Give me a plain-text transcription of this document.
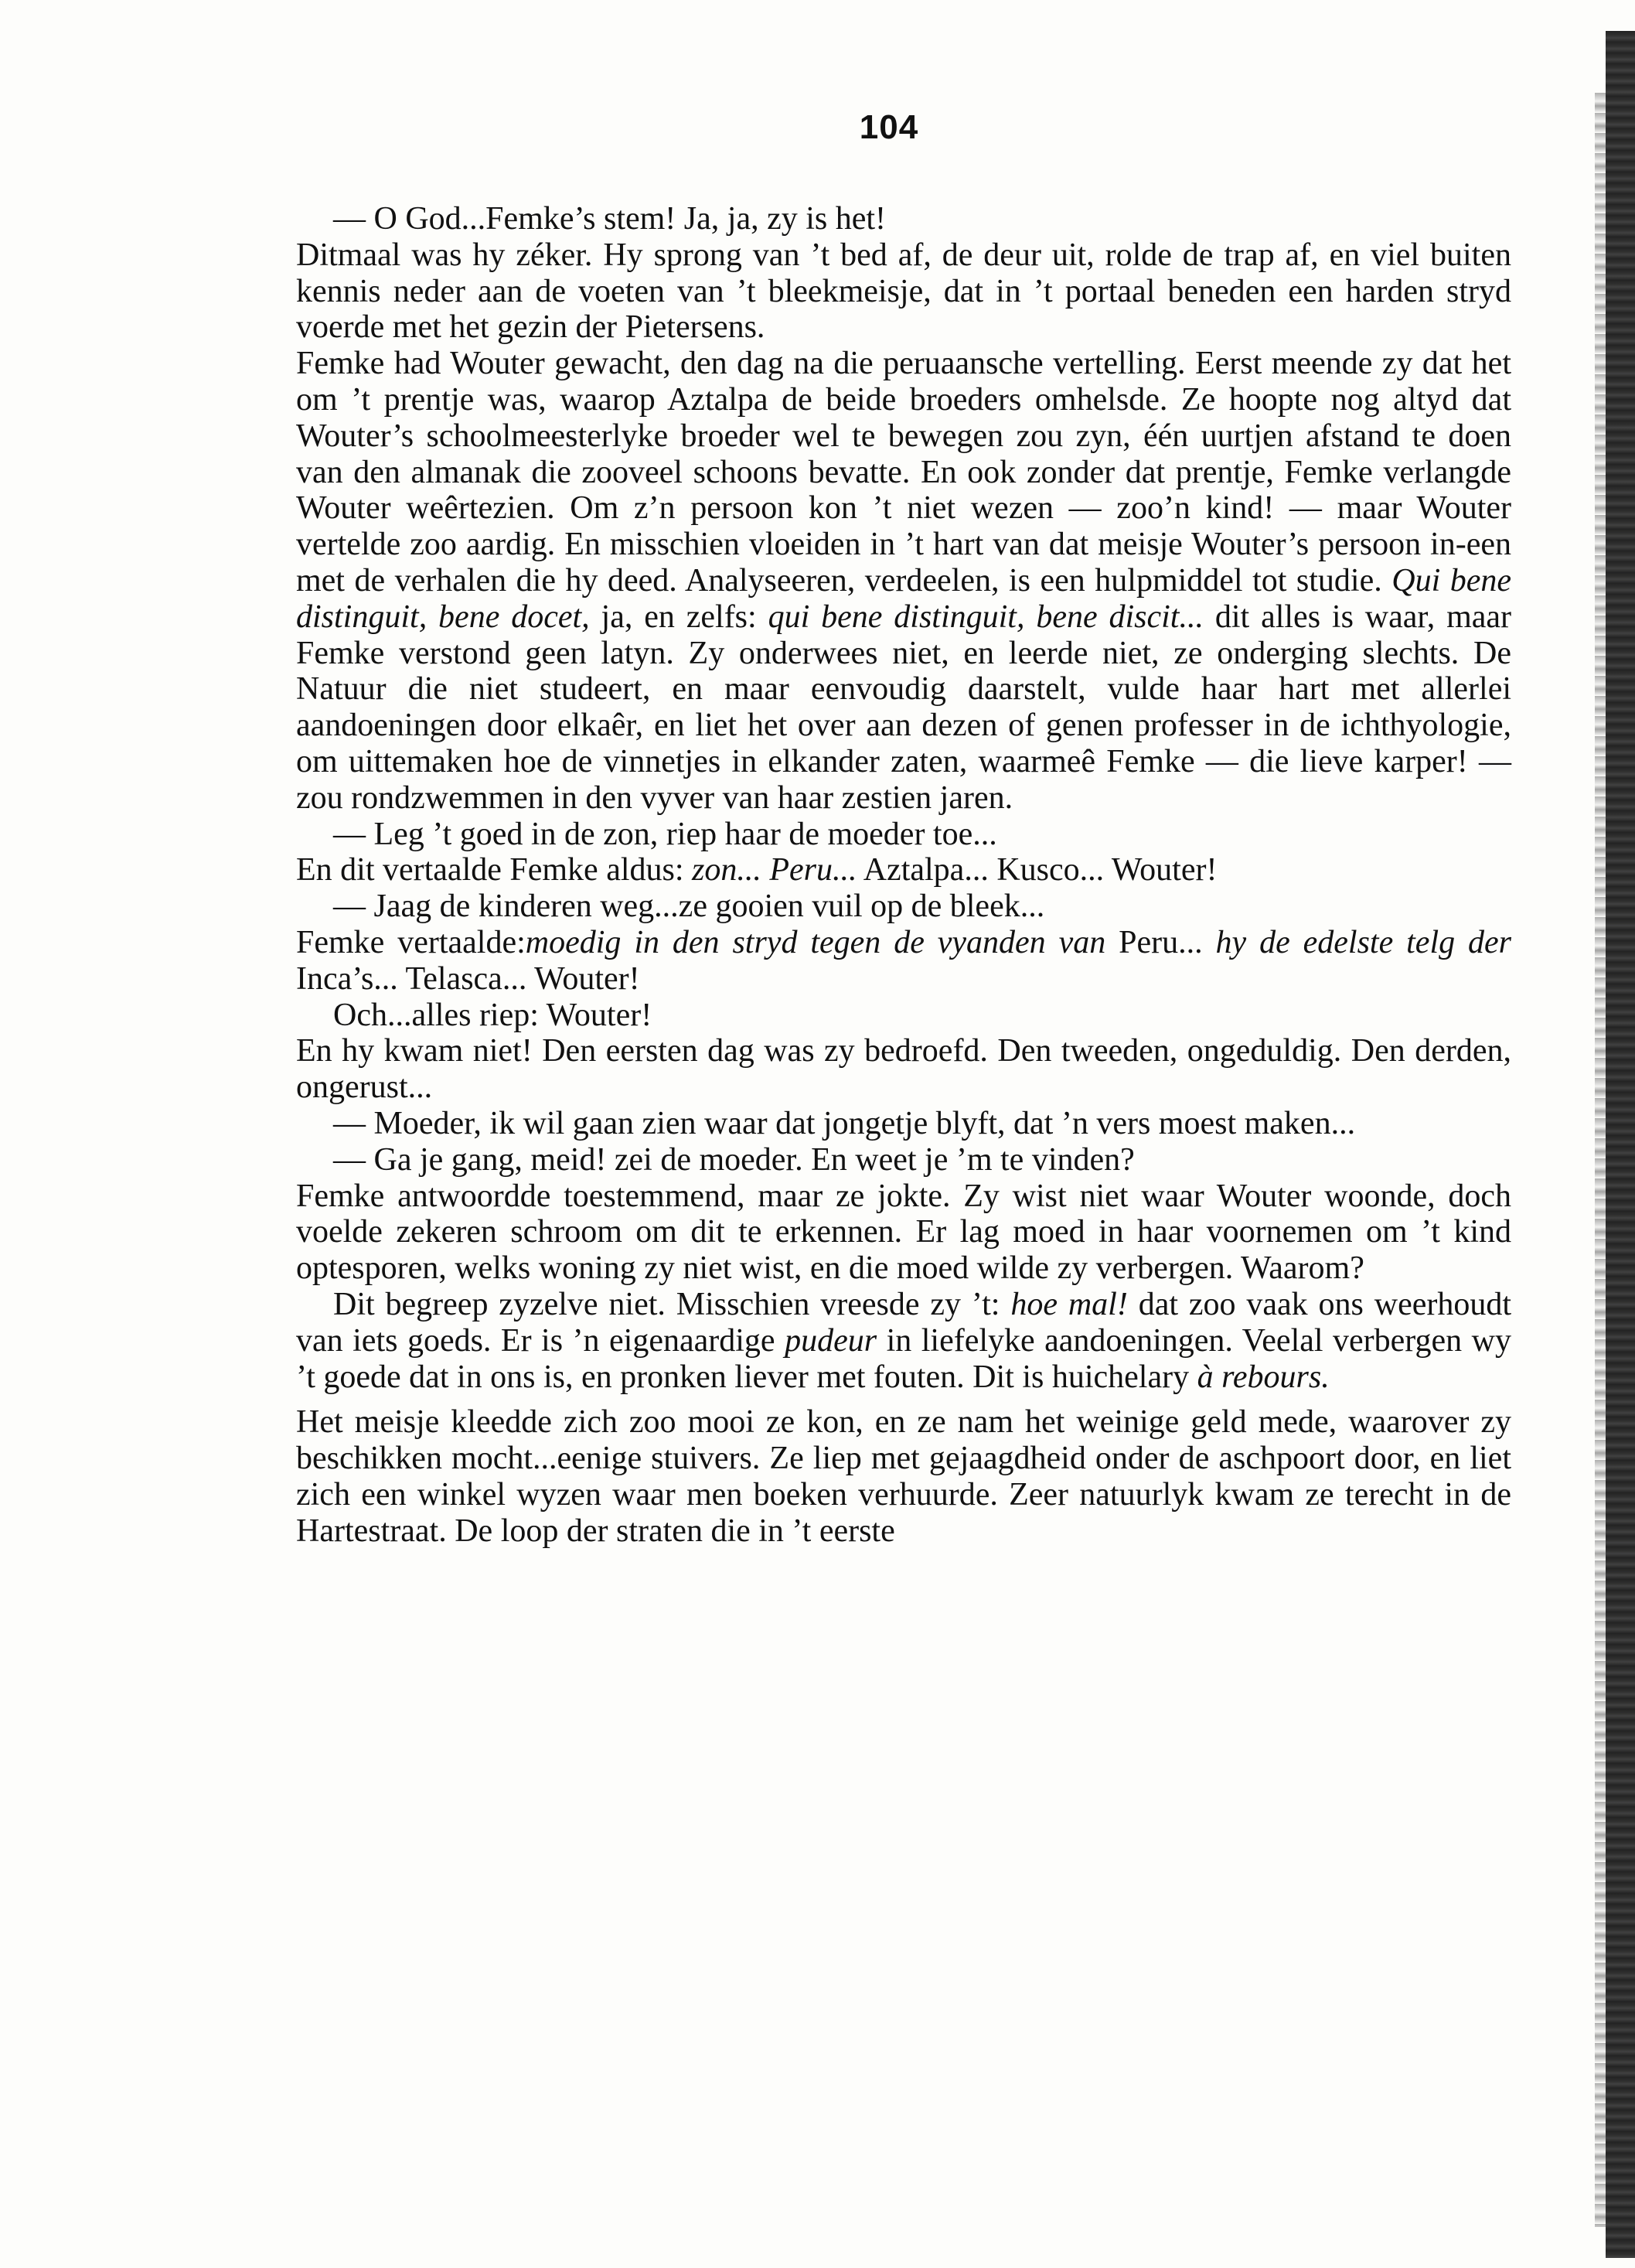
104

— O God...Femke’s stem! Ja, ja, zy is het!

Ditmaal was hy zéker. Hy sprong van ’t bed af, de deur uit, rolde de trap af, en viel buiten kennis neder aan de voeten van ’t bleekmeisje, dat in ’t portaal beneden een harden stryd voerde met het gezin der Pietersens.

Femke had Wouter gewacht, den dag na die peruaansche vertelling. Eerst meende zy dat het om ’t prentje was, waarop Aztalpa de beide broeders omhelsde. Ze hoopte nog altyd dat Wouter’s schoolmeesterlyke broeder wel te bewegen zou zyn, één uurtjen afstand te doen van den almanak die zooveel schoons bevatte. En ook zonder dat prentje, Femke verlangde Wouter weêrtezien. Om z’n persoon kon ’t niet wezen — zoo’n kind! — maar Wouter vertelde zoo aardig. En misschien vloeiden in ’t hart van dat meisje Wouter’s persoon in-een met de verhalen die hy deed. Analyseeren, verdeelen, is een hulpmiddel tot studie. Qui bene distinguit, bene docet, ja, en zelfs: qui bene distinguit, bene discit... dit alles is waar, maar Femke verstond geen latyn. Zy onderwees niet, en leerde niet, ze onderging slechts. De Natuur die niet studeert, en maar eenvoudig daarstelt, vulde haar hart met allerlei aandoeningen door elkaêr, en liet het over aan dezen of genen professer in de ichthyologie, om uittemaken hoe de vinnetjes in elkander zaten, waarmeê Femke — die lieve karper! — zou rondzwemmen in den vyver van haar zestien jaren.

— Leg ’t goed in de zon, riep haar de moeder toe...

En dit vertaalde Femke aldus: zon... Peru... Aztalpa... Kusco... Wouter!

— Jaag de kinderen weg...ze gooien vuil op de bleek...

Femke vertaalde:moedig in den stryd tegen de vyanden van Peru... hy de edelste telg der Inca’s... Telasca... Wouter!

Och...alles riep: Wouter!

En hy kwam niet! Den eersten dag was zy bedroefd. Den tweeden, ongeduldig. Den derden, ongerust...

— Moeder, ik wil gaan zien waar dat jongetje blyft, dat ’n vers moest maken...

— Ga je gang, meid! zei de moeder. En weet je ’m te vinden?

Femke antwoordde toestemmend, maar ze jokte. Zy wist niet waar Wouter woonde, doch voelde zekeren schroom om dit te erkennen. Er lag moed in haar voornemen om ’t kind optesporen, welks woning zy niet wist, en die moed wilde zy verbergen. Waarom?

Dit begreep zyzelve niet. Misschien vreesde zy ’t: hoe mal! dat zoo vaak ons weerhoudt van iets goeds. Er is ’n eigenaardige pudeur in liefelyke aandoeningen. Veelal verbergen wy ’t goede dat in ons is, en pronken liever met fouten. Dit is huichelary à rebours.

Het meisje kleedde zich zoo mooi ze kon, en ze nam het weinige geld mede, waarover zy beschikken mocht...eenige stuivers. Ze liep met gejaagdheid onder de aschpoort door, en liet zich een winkel wyzen waar men boeken verhuurde. Zeer natuurlyk kwam ze terecht in de Hartestraat. De loop der straten die in ’t eerste
